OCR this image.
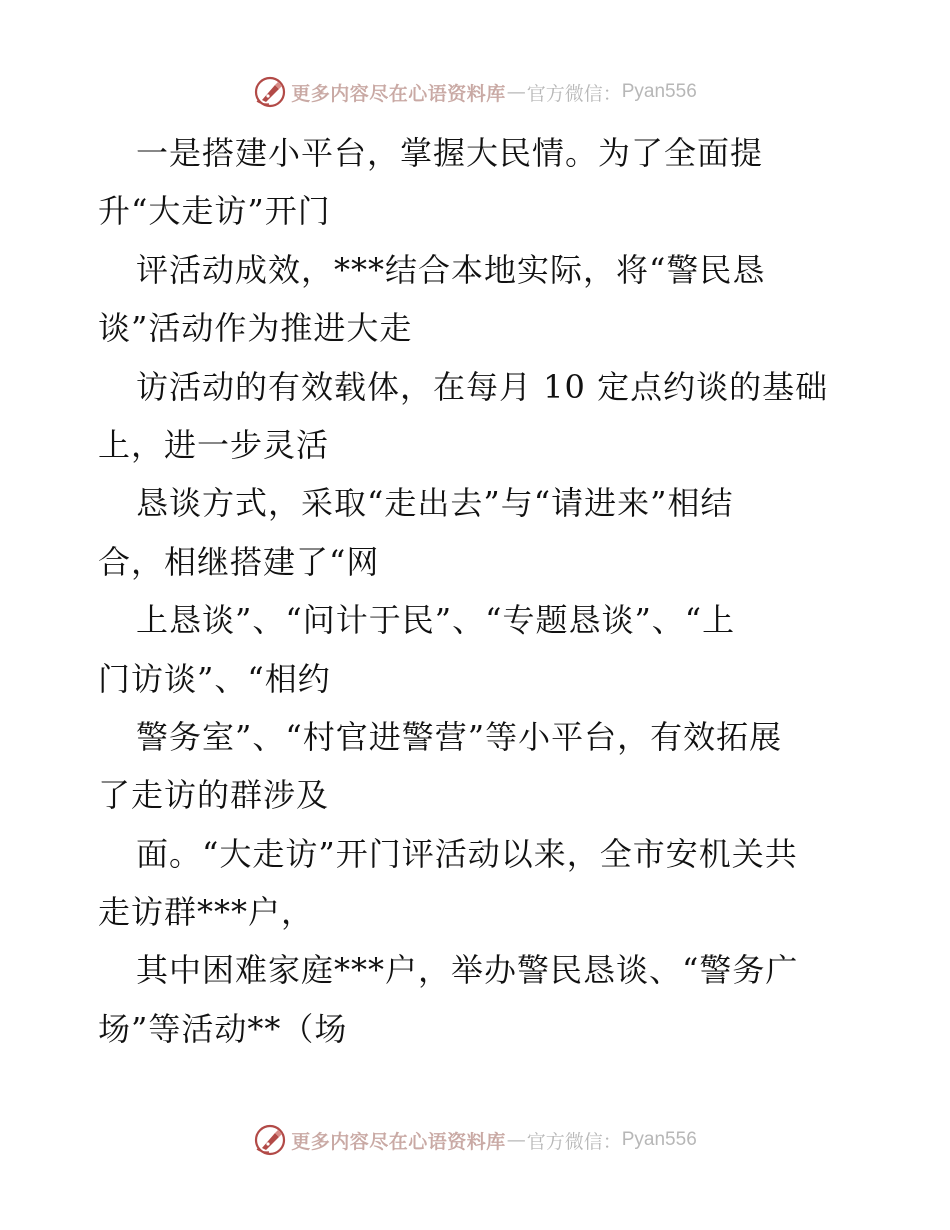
更多内容尽在心语资料库 — 官方微信： Pyan556
一是搭建小平台，掌握大民情。为了全面提
升“大走访”开门
评活动成效，***结合本地实际，将“警民恳
谈”活动作为推进大走
访活动的有效载体，在每月 10 定点约谈的基础
上，进一步灵活
恳谈方式，采取“走出去”与“请进来”相结
合，相继搭建了“网
上恳谈”、“问计于民”、“专题恳谈”、“上
门访谈”、“相约
警务室”、“村官进警营”等小平台，有效拓展
了走访的群涉及
面。“大走访”开门评活动以来，全市安机关共
走访群***户，
其中困难家庭***户，举办警民恳谈、“警务广
场”等活动**（场
更多内容尽在心语资料库 — 官方微信： Pyan556
